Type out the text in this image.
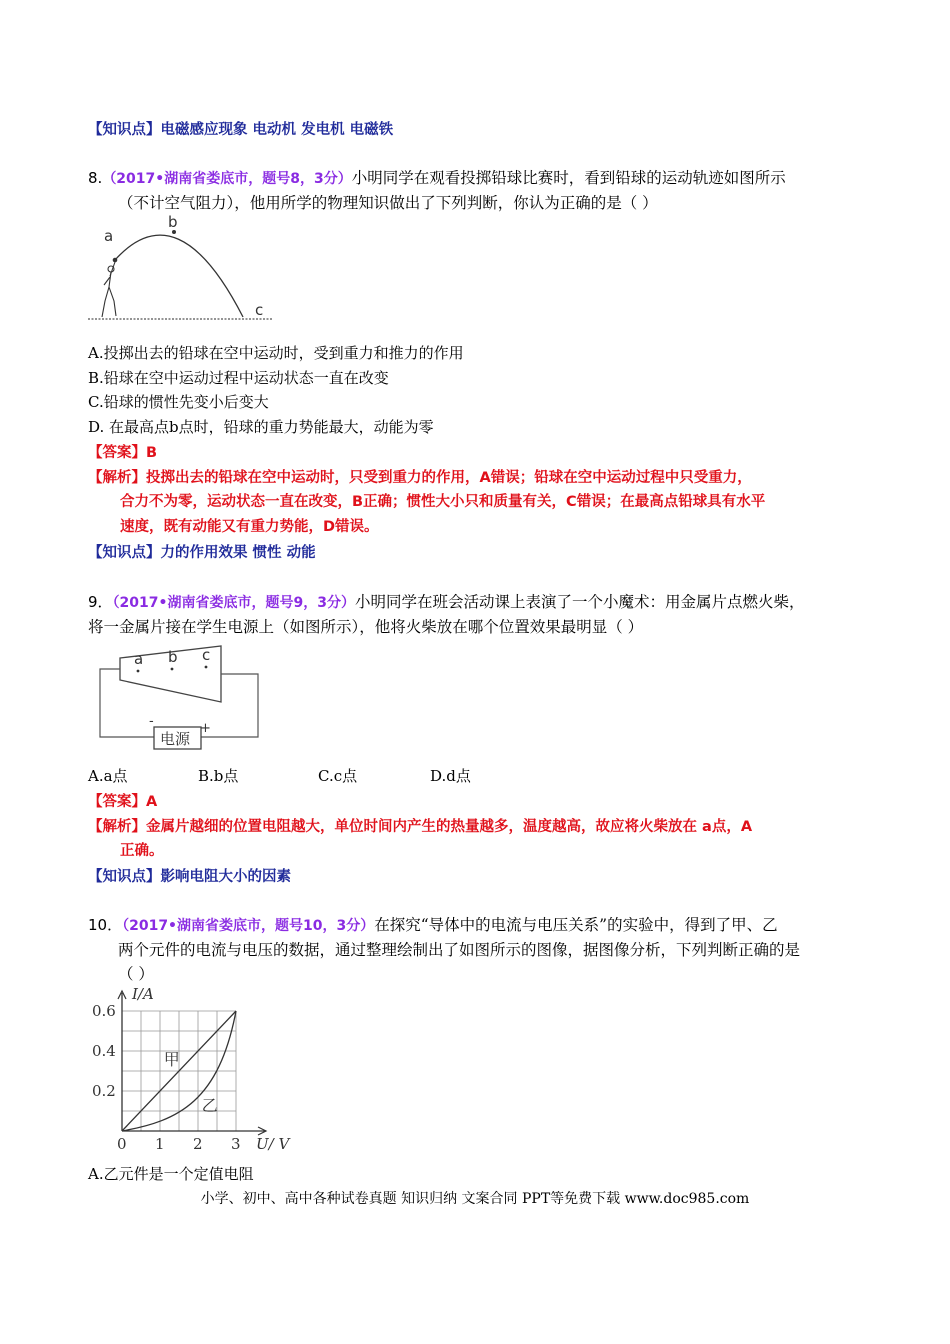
【知识点】电磁感应现象 电动机 发电机 电磁铁
8.（2017•湖南省娄底市，题号8，3分）小明同学在观看投掷铅球比赛时，看到铅球的运动轨迹如图所示
（不计空气阻力），他用所学的物理知识做出了下列判断，你认为正确的是（ ）
a
b
c
A.投掷出去的铅球在空中运动时，受到重力和推力的作用
B.铅球在空中运动过程中运动状态一直在改变
C.铅球的惯性先变小后变大
D. 在最高点b点时，铅球的重力势能最大，动能为零
【答案】B
【解析】投掷出去的铅球在空中运动时，只受到重力的作用，A错误；铅球在空中运动过程中只受重力，
合力不为零，运动状态一直在改变，B正确；惯性大小只和质量有关，C错误；在最高点铅球具有水平
速度，既有动能又有重力势能，D错误。
【知识点】力的作用效果 惯性 动能
9．（2017•湖南省娄底市，题号9，3分）小明同学在班会活动课上表演了一个小魔术：用金属片点燃火柴，
将一金属片接在学生电源上（如图所示），他将火柴放在哪个位置效果最明显（ ）
电源
-	+
a b c
A.a点	B.b点	C.c点	D.d点
【答案】A
【解析】金属片越细的位置电阻越大，单位时间内产生的热量越多，温度越高，故应将火柴放在 a点，A
正确。
【知识点】影响电阻大小的因素
10．（2017•湖南省娄底市，题号10，3分）在探究“导体中的电流与电压关系”的实验中，得到了甲、乙
两个元件的电流与电压的数据，通过整理绘制出了如图所示的图像，据图像分析，下列判断正确的是
（ ）
0.6
0.4
0.2
0 1 2 3
I/A
U/ V
甲
乙
A.乙元件是一个定值电阻
小学、初中、高中各种试卷真题 知识归纳 文案合同 PPT等免费下载 www.doc985.com
